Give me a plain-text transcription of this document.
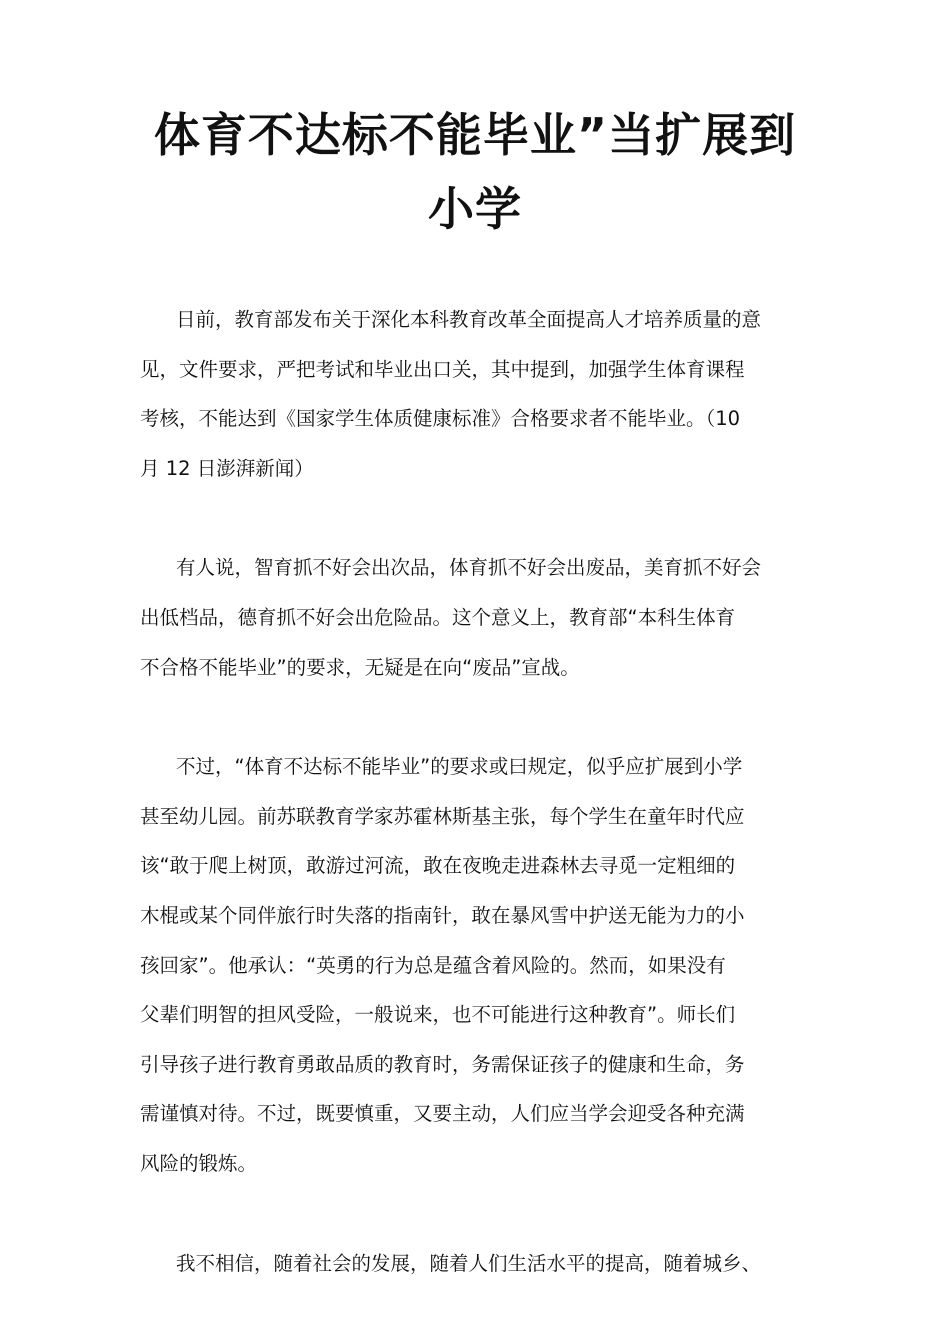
体育不达标不能毕业”当扩展到
小学

日前，教育部发布关于深化本科教育改革全面提高人才培养质量的意
见，文件要求，严把考试和毕业出口关，其中提到，加强学生体育课程
考核，不能达到《国家学生体质健康标准》合格要求者不能毕业。（10
月 12 日澎湃新闻）

有人说，智育抓不好会出次品，体育抓不好会出废品，美育抓不好会
出低档品，德育抓不好会出危险品。这个意义上，教育部“本科生体育
不合格不能毕业”的要求，无疑是在向“废品”宣战。

不过，“体育不达标不能毕业”的要求或曰规定，似乎应扩展到小学
甚至幼儿园。前苏联教育学家苏霍林斯基主张，每个学生在童年时代应
该“敢于爬上树顶，敢游过河流，敢在夜晚走进森林去寻觅一定粗细的
木棍或某个同伴旅行时失落的指南针，敢在暴风雪中护送无能为力的小
孩回家”。他承认：“英勇的行为总是蕴含着风险的。然而，如果没有
父辈们明智的担风受险，一般说来，也不可能进行这种教育”。师长们
引导孩子进行教育勇敢品质的教育时，务需保证孩子的健康和生命，务
需谨慎对待。不过，既要慎重，又要主动，人们应当学会迎受各种充满
风险的锻炼。

我不相信，随着社会的发展，随着人们生活水平的提高，随着城乡、
